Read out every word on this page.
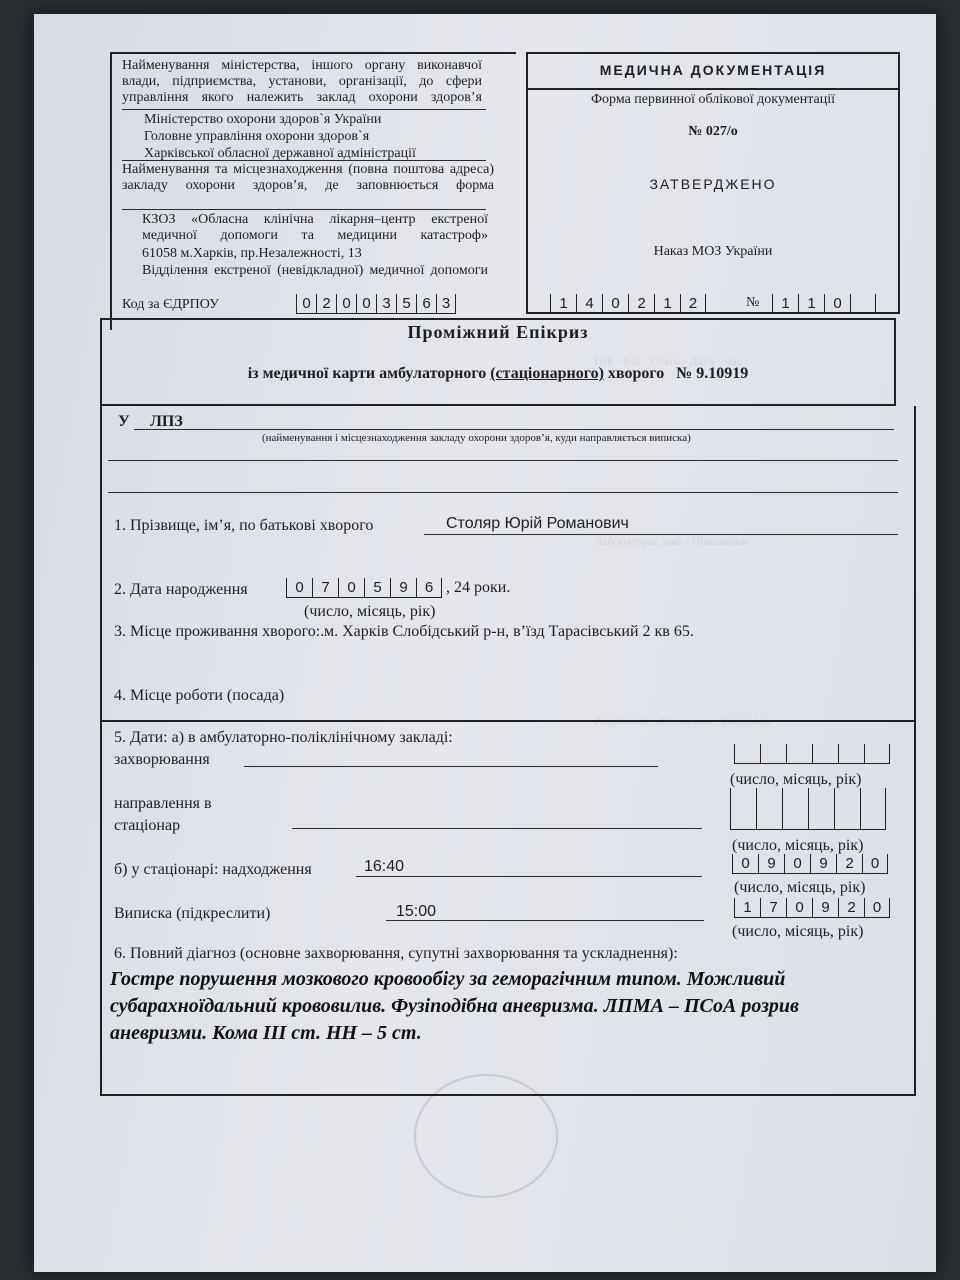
ПІБ · Вік · Стать · Дата · Час
Лабораторні дані · Показники
Результати обстеження · Висновок
Найменування міністерства, іншого органу виконавчої влади, підприємства, установи, організації, до сфери управління якого належить заклад охорони здоров’я
Міністерство охорони здоров`я України
Головне управління охорони здоров`я
Харківської обласної державної адміністрації
Найменування та місцезнаходження (повна поштова адреса) закладу охорони здоров’я, де заповнюється форма
КЗОЗ «Обласна клінічна лікарня–центр екстреної медичної допомоги та медицини катастроф»
61058 м.Харків, пр.Незалежності, 13
Відділення екстреної (невідкладної) медичної допомоги
Код за ЄДРПОУ	0 2 0 0 3 5 6 3
МЕДИЧНА ДОКУМЕНТАЦІЯ
Форма первинної облікової документації
№ 027/о
ЗАТВЕРДЖЕНО
Наказ МОЗ України
1	4	0	2	1	2	№	1	1	0
Проміжний Епікриз
із медичної карти амбулаторного (стаціонарного) хворого № 9.10919
У ЛПЗ
(найменування і місцезнаходження закладу охорони здоров’я, куди направляється виписка)
1. Прізвище, ім’я, по батькові хворого	Столяр Юрій Романович
2. Дата народження	0	7	0	5	9	6 , 24 роки.
(число, місяць, рік)
3. Місце проживання хворого:. м. Харків Слобідський р-н, в’їзд Тарасівський 2 кв 65.
4. Місце роботи (посада)
5. Дати: а) в амбулаторно-поліклінічному закладі:
захворювання
(число, місяць, рік)
направлення в
стаціонар
(число, місяць, рік)
б) у стаціонарі: надходження	16:40	0	9	0	9	2	0
(число, місяць, рік)
Виписка (підкреслити)	15:00	1	7	0	9	2	0
(число, місяць, рік)
6. Повний діагноз (основне захворювання, супутні захворювання та ускладнення):
Гостре порушення мозкового кровообігу за геморагічним типом. Можливий
субарахноїдальний крововилив. Фузіподібна аневризма. ЛПМА – ПСоА розрив
аневризми. Кома ІІІ ст. НН – 5 ст.
